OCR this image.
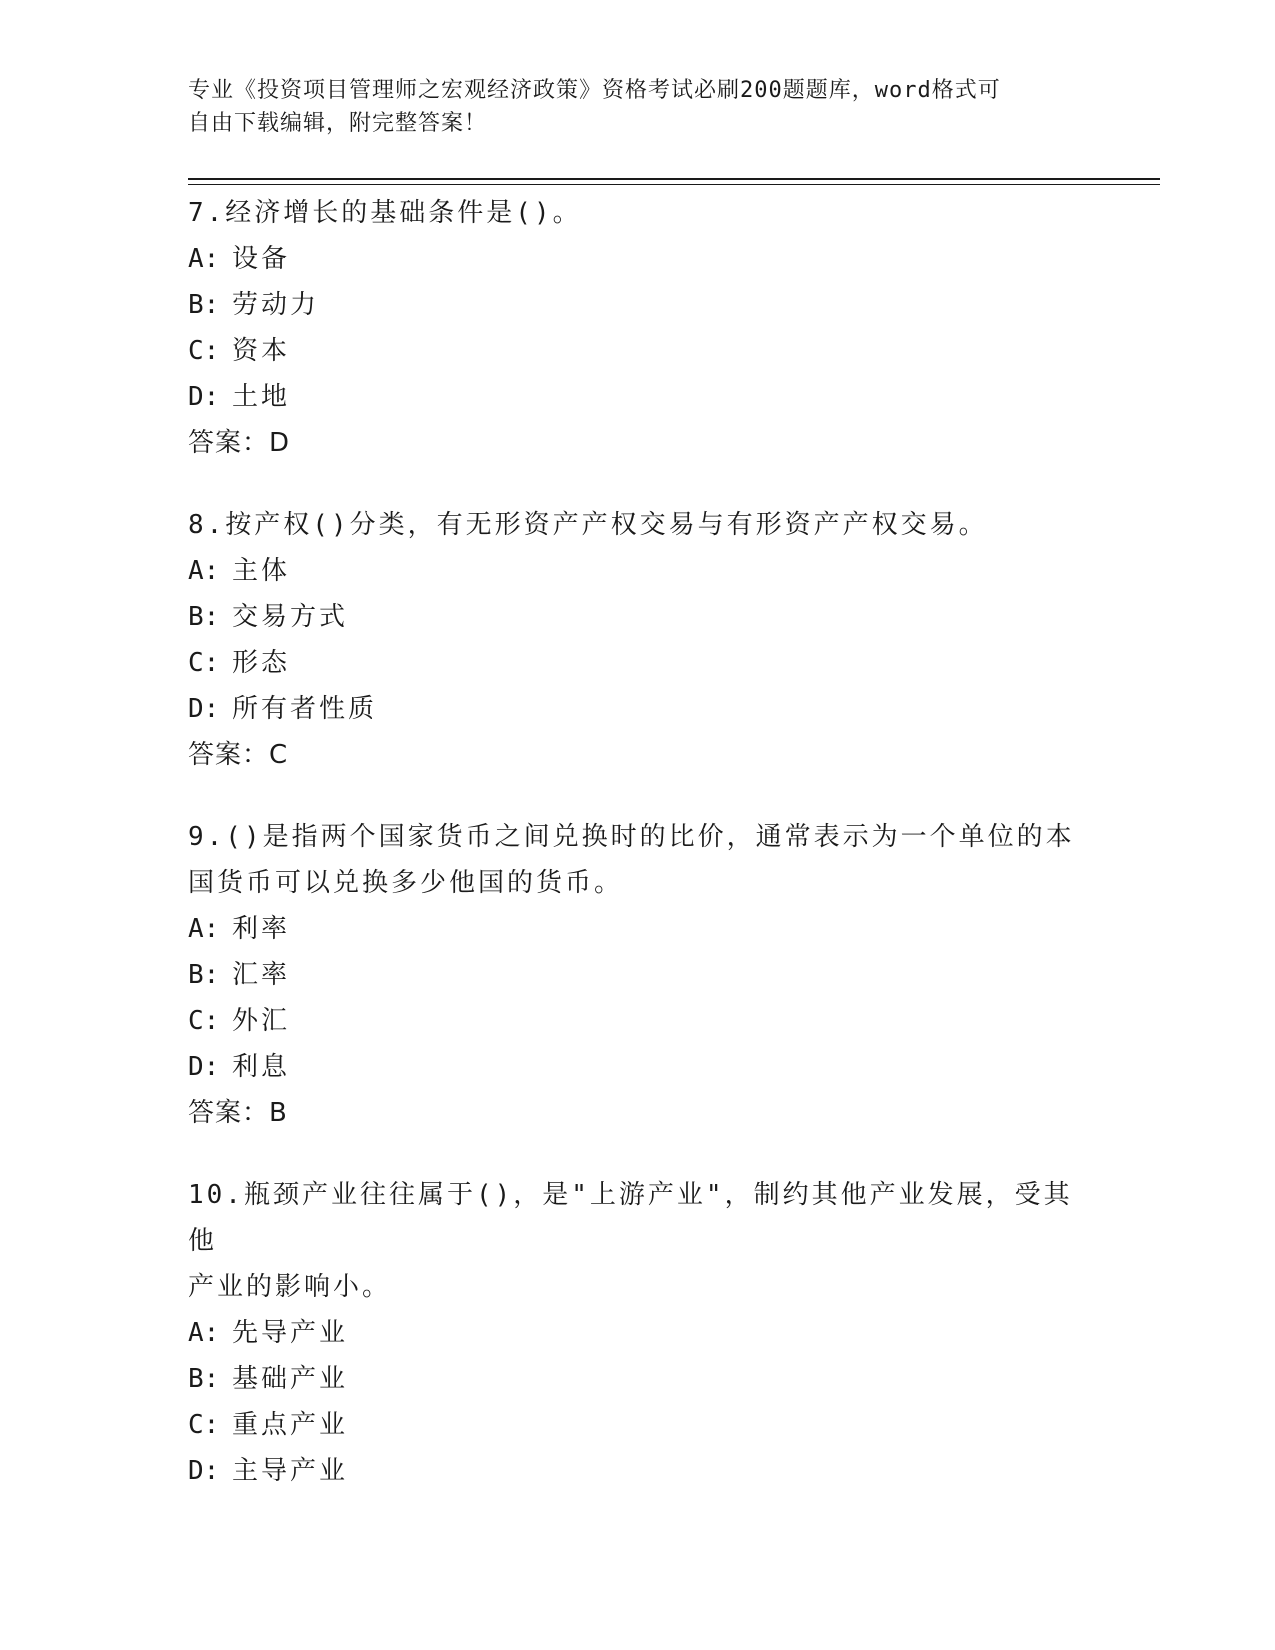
专业《投资项目管理师之宏观经济政策》资格考试必刷200题题库，word格式可
自由下载编辑，附完整答案！
7.经济增长的基础条件是()。
A: 设备
B: 劳动力
C: 资本
D: 土地
答案：D
8.按产权()分类，有无形资产产权交易与有形资产产权交易。
A: 主体
B: 交易方式
C: 形态
D: 所有者性质
答案：C
9.()是指两个国家货币之间兑换时的比价，通常表示为一个单位的本
国货币可以兑换多少他国的货币。
A: 利率
B: 汇率
C: 外汇
D: 利息
答案：B
10.瓶颈产业往往属于()，是"上游产业"，制约其他产业发展，受其他
产业的影响小。
A: 先导产业
B: 基础产业
C: 重点产业
D: 主导产业
